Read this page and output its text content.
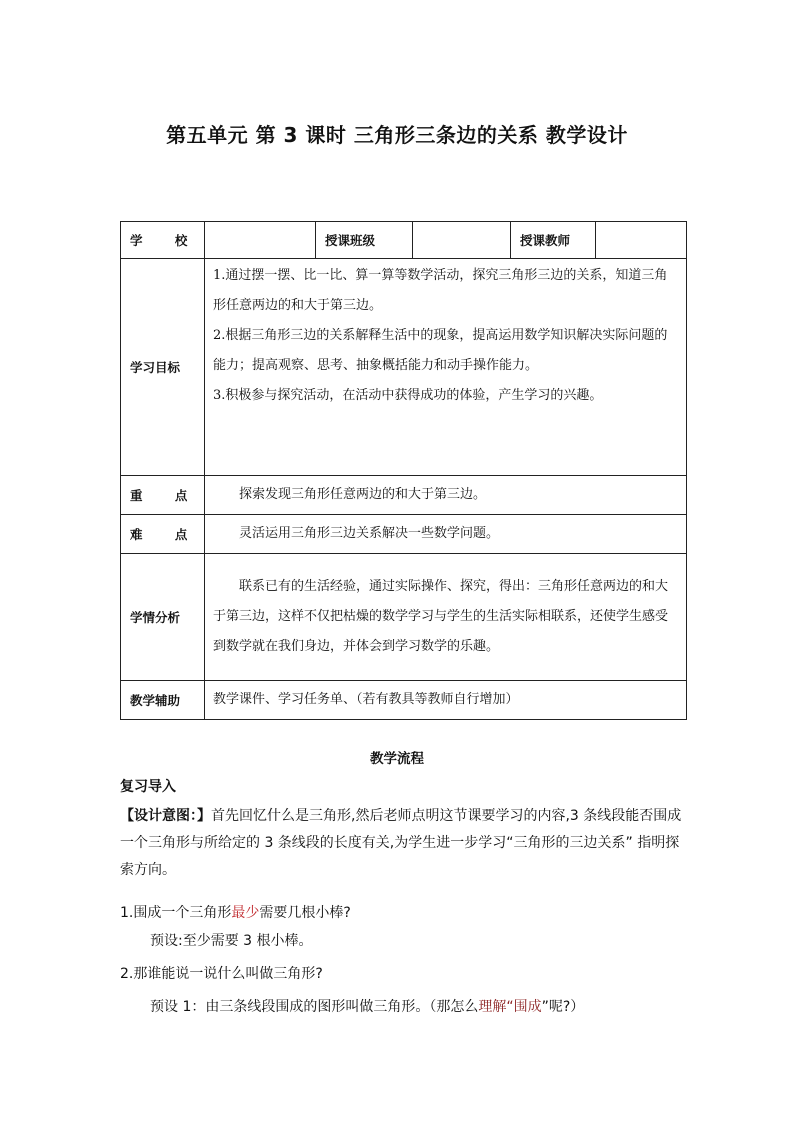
第五单元 第 3 课时 三角形三条边的关系 教学设计
学 校		授课班级		授课教师	
学习目标	1.通过摆一摆、比一比、算一算等数学活动，探究三角形三边的关系，知道三角形任意两边的和大于第三边。
2.根据三角形三边的关系解释生活中的现象，提高运用数学知识解决实际问题的能力；提高观察、思考、抽象概括能力和动手操作能力。
3.积极参与探究活动，在活动中获得成功的体验，产生学习的兴趣。				

重 点	探索发现三角形任意两边的和大于第三边。				
难 点	灵活运用三角形三边关系解决一些数学问题。				
学情分析	联系已有的生活经验，通过实际操作、探究，得出：三角形任意两边的和大于第三边，这样不仅把枯燥的数学学习与学生的生活实际相联系，还使学生感受到数学就在我们身边，并体会到学习数学的乐趣。				
教学辅助	教学课件、学习任务单、（若有教具等教师自行增加）				
教学流程
复习导入
【设计意图：】首先回忆什么是三角形,然后老师点明这节课要学习的内容,3 条线段能否围成一个三角形与所给定的 3 条线段的长度有关,为学生进一步学习“三角形的三边关系” 指明探索方向。
1.围成一个三角形最少需要几根小棒?
预设:至少需要 3 根小棒。
2.那谁能说一说什么叫做三角形?
预设 1：由三条线段围成的图形叫做三角形。（那怎么理解“围成”呢?）
